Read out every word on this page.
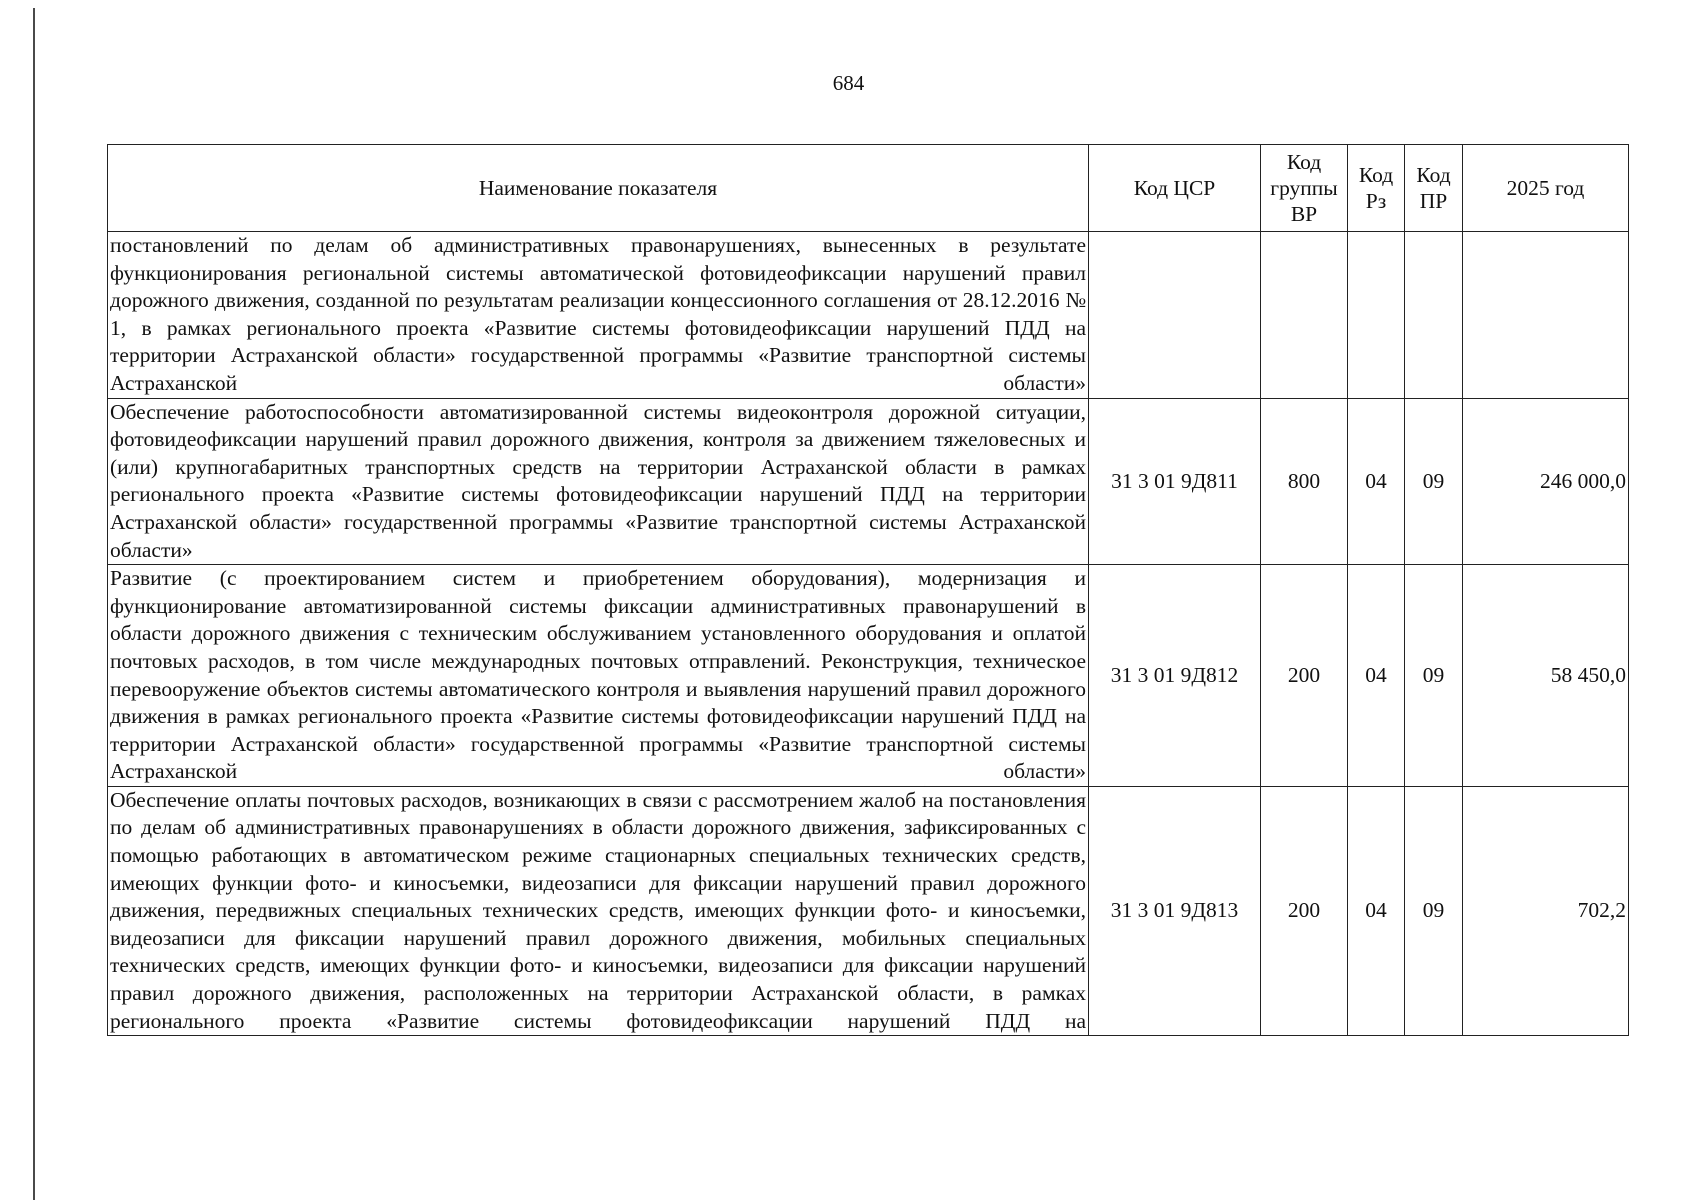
684
Наименование показателя	Код ЦСР	Код группы ВР	Код Рз	Код ПР	2025 год
постановлений по делам об административных правонарушениях, вынесенных в результате функционирования региональной системы автоматической фотовидеофиксации нарушений правил дорожного движения, созданной по результатам реализации концессионного соглашения от 28.12.2016 № 1, в рамках регионального проекта «Развитие системы фотовидеофиксации нарушений ПДД на территории Астраханской области» государственной программы «Развитие транспортной системы Астраханской области»					
Обеспечение работоспособности автоматизированной системы видеоконтроля дорожной ситуации, фотовидеофиксации нарушений правил дорожного движения, контроля за движением тяжеловесных и (или) крупногабаритных транспортных средств на территории Астраханской области в рамках регионального проекта «Развитие системы фотовидеофиксации нарушений ПДД на территории Астраханской области» государственной программы «Развитие транспортной системы Астраханской области»	31 3 01 9Д811	800	04	09	246 000,0
Развитие (с проектированием систем и приобретением оборудования), модернизация и функционирование автоматизированной системы фиксации административных правонарушений в области дорожного движения с техническим обслуживанием установленного оборудования и оплатой почтовых расходов, в том числе международных почтовых отправлений. Реконструкция, техническое перевооружение объектов системы автоматического контроля и выявления нарушений правил дорожного движения в рамках регионального проекта «Развитие системы фотовидеофиксации нарушений ПДД на территории Астраханской области» государственной программы «Развитие транспортной системы Астраханской области»	31 3 01 9Д812	200	04	09	58 450,0
Обеспечение оплаты почтовых расходов, возникающих в связи с рассмотрением жалоб на постановления по делам об административных правонарушениях в области дорожного движения, зафиксированных с помощью работающих в автоматическом режиме стационарных специальных технических средств, имеющих функции фото- и киносъемки, видеозаписи для фиксации нарушений правил дорожного движения, передвижных специальных технических средств, имеющих функции фото- и киносъемки, видеозаписи для фиксации нарушений правил дорожного движения, мобильных специальных технических средств, имеющих функции фото- и киносъемки, видеозаписи для фиксации нарушений правил дорожного движения, расположенных на территории Астраханской области, в рамках регионального проекта «Развитие системы фотовидеофиксации нарушений ПДД на	31 3 01 9Д813	200	04	09	702,2
